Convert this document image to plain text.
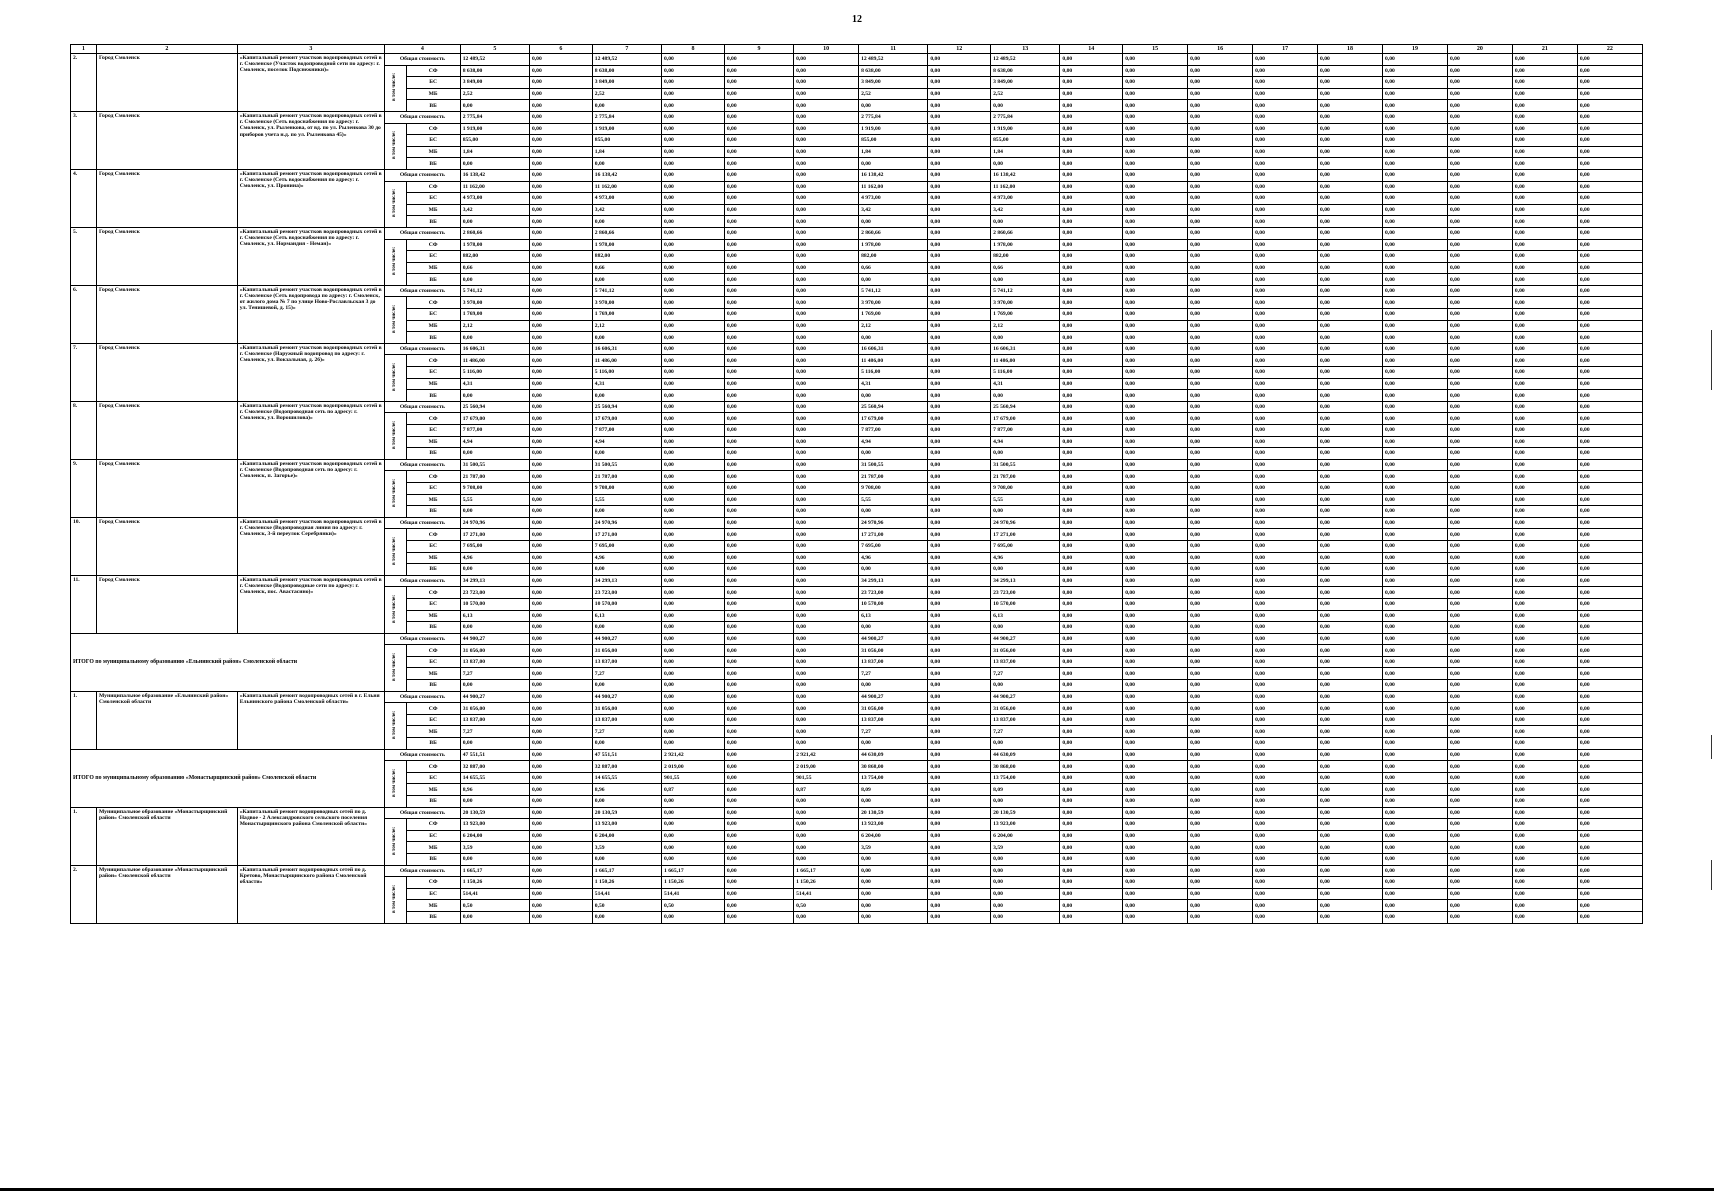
12
1	2	3	4		5	6	7	8	9	10	11	12	13	14	15	16	17	18	19	20	21	22
2.	Город Смоленск	«Капитальный ремонт участков водопроводных сетей в г. Смоленске (Участок водопроводной сети по адресу: г. Смоленск, поселок Подснежники)»	Общая стоимость		12 489,52	0,00	12 489,52	0,00	0,00	0,00	12 489,52	0,00	12 489,52	0,00	0,00	0,00	0,00	0,00	0,00	0,00	0,00	0,00
			в том числе:	СФ	8 638,00	0,00	8 638,00	0,00	0,00	0,00	8 638,00	0,00	8 638,00	0,00	0,00	0,00	0,00	0,00	0,00	0,00	0,00	0,00
				БС	3 849,00	0,00	3 849,00	0,00	0,00	0,00	3 849,00	0,00	3 849,00	0,00	0,00	0,00	0,00	0,00	0,00	0,00	0,00	0,00
				МБ	2,52	0,00	2,52	0,00	0,00	0,00	2,52	0,00	2,52	0,00	0,00	0,00	0,00	0,00	0,00	0,00	0,00	0,00
				ВБ	0,00	0,00	0,00	0,00	0,00	0,00	0,00	0,00	0,00	0,00	0,00	0,00	0,00	0,00	0,00	0,00	0,00	0,00
3.	Город Смоленск	«Капитальный ремонт участков водопроводных сетей в г. Смоленске (Сеть водоснабжения по адресу: г. Смоленск, ул. Рыленкова, от вд. по ул. Рыленкова 30 до приборов учета н.д. по ул. Рыленкова 45)»	Общая стоимость		2 775,84	0,00	2 775,84	0,00	0,00	0,00	2 775,84	0,00	2 775,84	0,00	0,00	0,00	0,00	0,00	0,00	0,00	0,00	0,00
			в том числе:	СФ	1 919,00	0,00	1 919,00	0,00	0,00	0,00	1 919,00	0,00	1 919,00	0,00	0,00	0,00	0,00	0,00	0,00	0,00	0,00	0,00
				БС	855,00	0,00	855,00	0,00	0,00	0,00	855,00	0,00	855,00	0,00	0,00	0,00	0,00	0,00	0,00	0,00	0,00	0,00
				МБ	1,84	0,00	1,84	0,00	0,00	0,00	1,84	0,00	1,84	0,00	0,00	0,00	0,00	0,00	0,00	0,00	0,00	0,00
				ВБ	0,00	0,00	0,00	0,00	0,00	0,00	0,00	0,00	0,00	0,00	0,00	0,00	0,00	0,00	0,00	0,00	0,00	0,00
4.	Город Смоленск	«Капитальный ремонт участков водопроводных сетей в г. Смоленске (Сеть водоснабжения по адресу: г. Смоленск, ул. Пронина)»	Общая стоимость		16 138,42	0,00	16 138,42	0,00	0,00	0,00	16 138,42	0,00	16 138,42	0,00	0,00	0,00	0,00	0,00	0,00	0,00	0,00	0,00
			в том числе:	СФ	11 162,00	0,00	11 162,00	0,00	0,00	0,00	11 162,00	0,00	11 162,00	0,00	0,00	0,00	0,00	0,00	0,00	0,00	0,00	0,00
				БС	4 973,00	0,00	4 973,00	0,00	0,00	0,00	4 973,00	0,00	4 973,00	0,00	0,00	0,00	0,00	0,00	0,00	0,00	0,00	0,00
				МБ	3,42	0,00	3,42	0,00	0,00	0,00	3,42	0,00	3,42	0,00	0,00	0,00	0,00	0,00	0,00	0,00	0,00	0,00
				ВБ	0,00	0,00	0,00	0,00	0,00	0,00	0,00	0,00	0,00	0,00	0,00	0,00	0,00	0,00	0,00	0,00	0,00	0,00
5.	Город Смоленск	«Капитальный ремонт участков водопроводных сетей в г. Смоленске (Сеть водоснабжения по адресу: г. Смоленск, ул. Нормандия - Неман)»	Общая стоимость		2 860,66	0,00	2 860,66	0,00	0,00	0,00	2 860,66	0,00	2 860,66	0,00	0,00	0,00	0,00	0,00	0,00	0,00	0,00	0,00
			в том числе:	СФ	1 978,00	0,00	1 978,00	0,00	0,00	0,00	1 978,00	0,00	1 978,00	0,00	0,00	0,00	0,00	0,00	0,00	0,00	0,00	0,00
				БС	882,00	0,00	882,00	0,00	0,00	0,00	882,00	0,00	882,00	0,00	0,00	0,00	0,00	0,00	0,00	0,00	0,00	0,00
				МБ	0,66	0,00	0,66	0,00	0,00	0,00	0,66	0,00	0,66	0,00	0,00	0,00	0,00	0,00	0,00	0,00	0,00	0,00
				ВБ	0,00	0,00	0,00	0,00	0,00	0,00	0,00	0,00	0,00	0,00	0,00	0,00	0,00	0,00	0,00	0,00	0,00	0,00
6.	Город Смоленск	«Капитальный ремонт участков водопроводных сетей в г. Смоленске (Сеть водопровода по адресу: г. Смоленск, от жилого дома № 7 по улице Ново-Рославльская 3 до ул. Тенишевой, д. 15)»	Общая стоимость		5 741,12	0,00	5 741,12	0,00	0,00	0,00	5 741,12	0,00	5 741,12	0,00	0,00	0,00	0,00	0,00	0,00	0,00	0,00	0,00
			в том числе:	СФ	3 970,00	0,00	3 970,00	0,00	0,00	0,00	3 970,00	0,00	3 970,00	0,00	0,00	0,00	0,00	0,00	0,00	0,00	0,00	0,00
				БС	1 769,00	0,00	1 769,00	0,00	0,00	0,00	1 769,00	0,00	1 769,00	0,00	0,00	0,00	0,00	0,00	0,00	0,00	0,00	0,00
				МБ	2,12	0,00	2,12	0,00	0,00	0,00	2,12	0,00	2,12	0,00	0,00	0,00	0,00	0,00	0,00	0,00	0,00	0,00
				ВБ	0,00	0,00	0,00	0,00	0,00	0,00	0,00	0,00	0,00	0,00	0,00	0,00	0,00	0,00	0,00	0,00	0,00	0,00
7.	Город Смоленск	«Капитальный ремонт участков водопроводных сетей в г. Смоленске (Наружный водопровод по адресу: г. Смоленск, ул. Вокзальная, д. 26)»	Общая стоимость		16 606,31	0,00	16 606,31	0,00	0,00	0,00	16 606,31	0,00	16 606,31	0,00	0,00	0,00	0,00	0,00	0,00	0,00	0,00	0,00
			в том числе:	СФ	11 486,00	0,00	11 486,00	0,00	0,00	0,00	11 486,00	0,00	11 486,00	0,00	0,00	0,00	0,00	0,00	0,00	0,00	0,00	0,00
				БС	5 116,00	0,00	5 116,00	0,00	0,00	0,00	5 116,00	0,00	5 116,00	0,00	0,00	0,00	0,00	0,00	0,00	0,00	0,00	0,00
				МБ	4,31	0,00	4,31	0,00	0,00	0,00	4,31	0,00	4,31	0,00	0,00	0,00	0,00	0,00	0,00	0,00	0,00	0,00
				ВБ	0,00	0,00	0,00	0,00	0,00	0,00	0,00	0,00	0,00	0,00	0,00	0,00	0,00	0,00	0,00	0,00	0,00	0,00
8.	Город Смоленск	«Капитальный ремонт участков водопроводных сетей в г. Смоленске (Водопроводная сеть по адресу: г. Смоленск, ул. Ворошилова)»	Общая стоимость		25 560,94	0,00	25 560,94	0,00	0,00	0,00	25 560,94	0,00	25 560,94	0,00	0,00	0,00	0,00	0,00	0,00	0,00	0,00	0,00
			в том числе:	СФ	17 679,00	0,00	17 679,00	0,00	0,00	0,00	17 679,00	0,00	17 679,00	0,00	0,00	0,00	0,00	0,00	0,00	0,00	0,00	0,00
				БС	7 877,00	0,00	7 877,00	0,00	0,00	0,00	7 877,00	0,00	7 877,00	0,00	0,00	0,00	0,00	0,00	0,00	0,00	0,00	0,00
				МБ	4,94	0,00	4,94	0,00	0,00	0,00	4,94	0,00	4,94	0,00	0,00	0,00	0,00	0,00	0,00	0,00	0,00	0,00
				ВБ	0,00	0,00	0,00	0,00	0,00	0,00	0,00	0,00	0,00	0,00	0,00	0,00	0,00	0,00	0,00	0,00	0,00	0,00
9.	Город Смоленск	«Капитальный ремонт участков водопроводных сетей в г. Смоленске (Водопроводная сеть по адресу: г. Смоленск, п. Загорье)»	Общая стоимость		31 500,55	0,00	31 500,55	0,00	0,00	0,00	31 500,55	0,00	31 500,55	0,00	0,00	0,00	0,00	0,00	0,00	0,00	0,00	0,00
			в том числе:	СФ	21 787,00	0,00	21 787,00	0,00	0,00	0,00	21 787,00	0,00	21 787,00	0,00	0,00	0,00	0,00	0,00	0,00	0,00	0,00	0,00
				БС	9 708,00	0,00	9 708,00	0,00	0,00	0,00	9 708,00	0,00	9 708,00	0,00	0,00	0,00	0,00	0,00	0,00	0,00	0,00	0,00
				МБ	5,55	0,00	5,55	0,00	0,00	0,00	5,55	0,00	5,55	0,00	0,00	0,00	0,00	0,00	0,00	0,00	0,00	0,00
				ВБ	0,00	0,00	0,00	0,00	0,00	0,00	0,00	0,00	0,00	0,00	0,00	0,00	0,00	0,00	0,00	0,00	0,00	0,00
10.	Город Смоленск	«Капитальный ремонт участков водопроводных сетей в г. Смоленске (Водопроводная линия по адресу: г. Смоленск, 3-й переулок Серебрянки)»	Общая стоимость		24 970,96	0,00	24 970,96	0,00	0,00	0,00	24 970,96	0,00	24 970,96	0,00	0,00	0,00	0,00	0,00	0,00	0,00	0,00	0,00
			в том числе:	СФ	17 271,00	0,00	17 271,00	0,00	0,00	0,00	17 271,00	0,00	17 271,00	0,00	0,00	0,00	0,00	0,00	0,00	0,00	0,00	0,00
				БС	7 695,00	0,00	7 695,00	0,00	0,00	0,00	7 695,00	0,00	7 695,00	0,00	0,00	0,00	0,00	0,00	0,00	0,00	0,00	0,00
				МБ	4,96	0,00	4,96	0,00	0,00	0,00	4,96	0,00	4,96	0,00	0,00	0,00	0,00	0,00	0,00	0,00	0,00	0,00
				ВБ	0,00	0,00	0,00	0,00	0,00	0,00	0,00	0,00	0,00	0,00	0,00	0,00	0,00	0,00	0,00	0,00	0,00	0,00
11.	Город Смоленск	«Капитальный ремонт участков водопроводных сетей в г. Смоленске (Водопроводные сети по адресу: г. Смоленск, пос. Авастасино)»	Общая стоимость		34 299,13	0,00	34 299,13	0,00	0,00	0,00	34 299,13	0,00	34 299,13	0,00	0,00	0,00	0,00	0,00	0,00	0,00	0,00	0,00
			в том числе:	СФ	23 723,00	0,00	23 723,00	0,00	0,00	0,00	23 723,00	0,00	23 723,00	0,00	0,00	0,00	0,00	0,00	0,00	0,00	0,00	0,00
				БС	10 570,00	0,00	10 570,00	0,00	0,00	0,00	10 570,00	0,00	10 570,00	0,00	0,00	0,00	0,00	0,00	0,00	0,00	0,00	0,00
				МБ	6,13	0,00	6,13	0,00	0,00	0,00	6,13	0,00	6,13	0,00	0,00	0,00	0,00	0,00	0,00	0,00	0,00	0,00
				ВБ	0,00	0,00	0,00	0,00	0,00	0,00	0,00	0,00	0,00	0,00	0,00	0,00	0,00	0,00	0,00	0,00	0,00	0,00
ИТОГО по муниципальному образованию «Ельнинский район» Смоленской области			Общая стоимость		44 900,27	0,00	44 900,27	0,00	0,00	0,00	44 900,27	0,00	44 900,27	0,00	0,00	0,00	0,00	0,00	0,00	0,00	0,00	0,00
			в том числе:	СФ	31 056,00	0,00	31 056,00	0,00	0,00	0,00	31 056,00	0,00	31 056,00	0,00	0,00	0,00	0,00	0,00	0,00	0,00	0,00	0,00
				БС	13 837,00	0,00	13 837,00	0,00	0,00	0,00	13 837,00	0,00	13 837,00	0,00	0,00	0,00	0,00	0,00	0,00	0,00	0,00	0,00
				МБ	7,27	0,00	7,27	0,00	0,00	0,00	7,27	0,00	7,27	0,00	0,00	0,00	0,00	0,00	0,00	0,00	0,00	0,00
				ВБ	0,00	0,00	0,00	0,00	0,00	0,00	0,00	0,00	0,00	0,00	0,00	0,00	0,00	0,00	0,00	0,00	0,00	0,00
1.	Муниципальное образование «Ельнинский район» Смоленской области	«Капитальный ремонт водопроводных сетей в г. Ельня Ельнинского района Смоленской области»	Общая стоимость		44 900,27	0,00	44 900,27	0,00	0,00	0,00	44 900,27	0,00	44 900,27	0,00	0,00	0,00	0,00	0,00	0,00	0,00	0,00	0,00
			в том числе:	СФ	31 056,00	0,00	31 056,00	0,00	0,00	0,00	31 056,00	0,00	31 056,00	0,00	0,00	0,00	0,00	0,00	0,00	0,00	0,00	0,00
				БС	13 837,00	0,00	13 837,00	0,00	0,00	0,00	13 837,00	0,00	13 837,00	0,00	0,00	0,00	0,00	0,00	0,00	0,00	0,00	0,00
				МБ	7,27	0,00	7,27	0,00	0,00	0,00	7,27	0,00	7,27	0,00	0,00	0,00	0,00	0,00	0,00	0,00	0,00	0,00
				ВБ	0,00	0,00	0,00	0,00	0,00	0,00	0,00	0,00	0,00	0,00	0,00	0,00	0,00	0,00	0,00	0,00	0,00	0,00
ИТОГО по муниципальному образованию «Монастырщинский район» Смоленской области			Общая стоимость		47 551,51	0,00	47 551,51	2 921,42	0,00	2 921,42	44 630,09	0,00	44 630,09	0,00	0,00	0,00	0,00	0,00	0,00	0,00	0,00	0,00
			в том числе:	СФ	32 887,00	0,00	32 887,00	2 019,00	0,00	2 019,00	30 868,00	0,00	30 868,00	0,00	0,00	0,00	0,00	0,00	0,00	0,00	0,00	0,00
				БС	14 655,55	0,00	14 655,55	901,55	0,00	901,55	13 754,00	0,00	13 754,00	0,00	0,00	0,00	0,00	0,00	0,00	0,00	0,00	0,00
				МБ	8,96	0,00	8,96	0,87	0,00	0,87	8,09	0,00	8,09	0,00	0,00	0,00	0,00	0,00	0,00	0,00	0,00	0,00
				ВБ	0,00	0,00	0,00	0,00	0,00	0,00	0,00	0,00	0,00	0,00	0,00	0,00	0,00	0,00	0,00	0,00	0,00	0,00
1.	Муниципальное образование «Монастырщинский район» Смоленской области	«Капитальный ремонт водопроводных сетей по д. Надвое - 2 Александровского сельского поселения Монастырщинского района Смоленской области»	Общая стоимость		20 130,59	0,00	20 130,59	0,00	0,00	0,00	20 130,59	0,00	20 130,59	0,00	0,00	0,00	0,00	0,00	0,00	0,00	0,00	0,00
			в том числе:	СФ	13 923,00	0,00	13 923,00	0,00	0,00	0,00	13 923,00	0,00	13 923,00	0,00	0,00	0,00	0,00	0,00	0,00	0,00	0,00	0,00
				БС	6 204,00	0,00	6 204,00	0,00	0,00	0,00	6 204,00	0,00	6 204,00	0,00	0,00	0,00	0,00	0,00	0,00	0,00	0,00	0,00
				МБ	3,59	0,00	3,59	0,00	0,00	0,00	3,59	0,00	3,59	0,00	0,00	0,00	0,00	0,00	0,00	0,00	0,00	0,00
				ВБ	0,00	0,00	0,00	0,00	0,00	0,00	0,00	0,00	0,00	0,00	0,00	0,00	0,00	0,00	0,00	0,00	0,00	0,00
2.	Муниципальное образование «Монастырщинский район» Смоленской области	«Капитальный ремонт водопроводных сетей по д. Кретово, Монастырщинского района Смоленской области»	Общая стоимость		1 665,17	0,00	1 665,17	1 665,17	0,00	1 665,17	0,00	0,00	0,00	0,00	0,00	0,00	0,00	0,00	0,00	0,00	0,00	0,00
			в том числе:	СФ	1 150,26	0,00	1 150,26	1 150,26	0,00	1 150,26	0,00	0,00	0,00	0,00	0,00	0,00	0,00	0,00	0,00	0,00	0,00	0,00
				БС	514,41	0,00	514,41	514,41	0,00	514,41	0,00	0,00	0,00	0,00	0,00	0,00	0,00	0,00	0,00	0,00	0,00	0,00
				МБ	0,50	0,00	0,50	0,50	0,00	0,50	0,00	0,00	0,00	0,00	0,00	0,00	0,00	0,00	0,00	0,00	0,00	0,00
				ВБ	0,00	0,00	0,00	0,00	0,00	0,00	0,00	0,00	0,00	0,00	0,00	0,00	0,00	0,00	0,00	0,00	0,00	0,00
